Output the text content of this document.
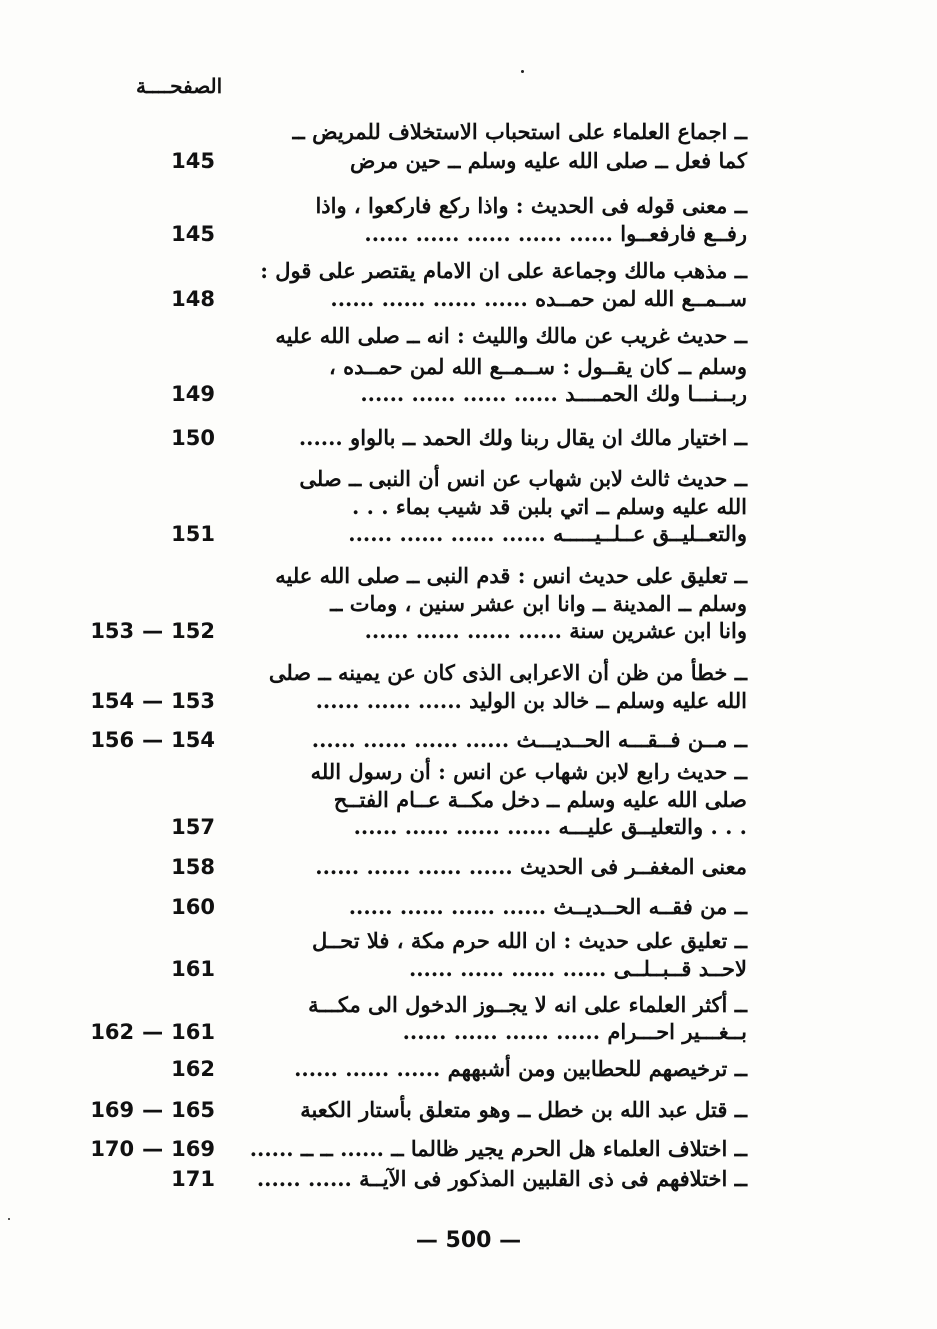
الصفحــــة
ــ اجماع العلماء على استحباب الاستخلاف للمريض ــ
كما فعل ــ صلى الله عليه وسلم ــ حين مرض
145
ــ معنى قوله فى الحديث : واذا ركع فاركعوا ، واذا
رفــع فارفعــوا ...... ...... ...... ...... ......
145
ــ مذهب مالك وجماعة على ان الامام يقتصر على قول :
ســمــع الله لمن حمــده ...... ...... ...... ......
148
ــ حديث غريب عن مالك والليث : انه ــ صلى الله عليه
وسلم ــ كان يقــول : ســمــع الله لمن حمــده ،
ربــنـــا ولك الحمــــد ...... ...... ...... ......
149
ــ اختيار مالك ان يقال ربنا ولك الحمد ــ بالواو ......
150
ــ حديث ثالث لابن شهاب عن انس أن النبى ــ صلى
الله عليه وسلم ــ اتي بلبن قد شيب بماء . . .
والتعــليــق عــلــيـــــه ...... ...... ...... ......
151
ــ تعليق على حديث انس : قدم النبى ــ صلى الله عليه
وسلم ــ المدينة ــ وانا ابن عشر سنين ، ومات ــ
وانا ابن عشرين سنة ...... ...... ...... ......
153 — 152
ــ خطأ من ظن أن الاعرابى الذى كان عن يمينه ــ صلى
الله عليه وسلم ــ خالد بن الوليد ...... ...... ......
154 — 153
ــ مــن فــقـــه الحــديـــث ...... ...... ...... ......
156 — 154
ــ حديث رابع لابن شهاب عن انس : أن رسول الله
صلى الله عليه وسلم ــ دخل مكــة عــام الفتــح
. . . والتعليــق عليـــه ...... ...... ...... ......
157
معنى المغفــر فى الحديث ...... ...... ...... ......
158
ــ من فقــه الحــديــث ...... ...... ...... ......
160
ــ تعليق على حديث : ان الله حرم مكة ، فلا تحــل
لاحــد قــبــلــى ...... ...... ...... ......
161
ــ أكثر العلماء على انه لا يجــوز الدخول الى مكـــة
بــغـــير احـــرام ...... ...... ...... ......
162 — 161
ــ ترخيصهم للحطابين ومن أشبههم ...... ...... ......
162
ــ قتل عبد الله بن خطل ــ وهو متعلق بأستار الكعبة
169 — 165
ــ اختلاف العلماء هل الحرم يجير ظالما ــ ...... ــ ــ ......
170 — 169
ــ اختلافهم فى ذى القلبين المذكور فى الآيــة ...... ......
171
— 500 —
